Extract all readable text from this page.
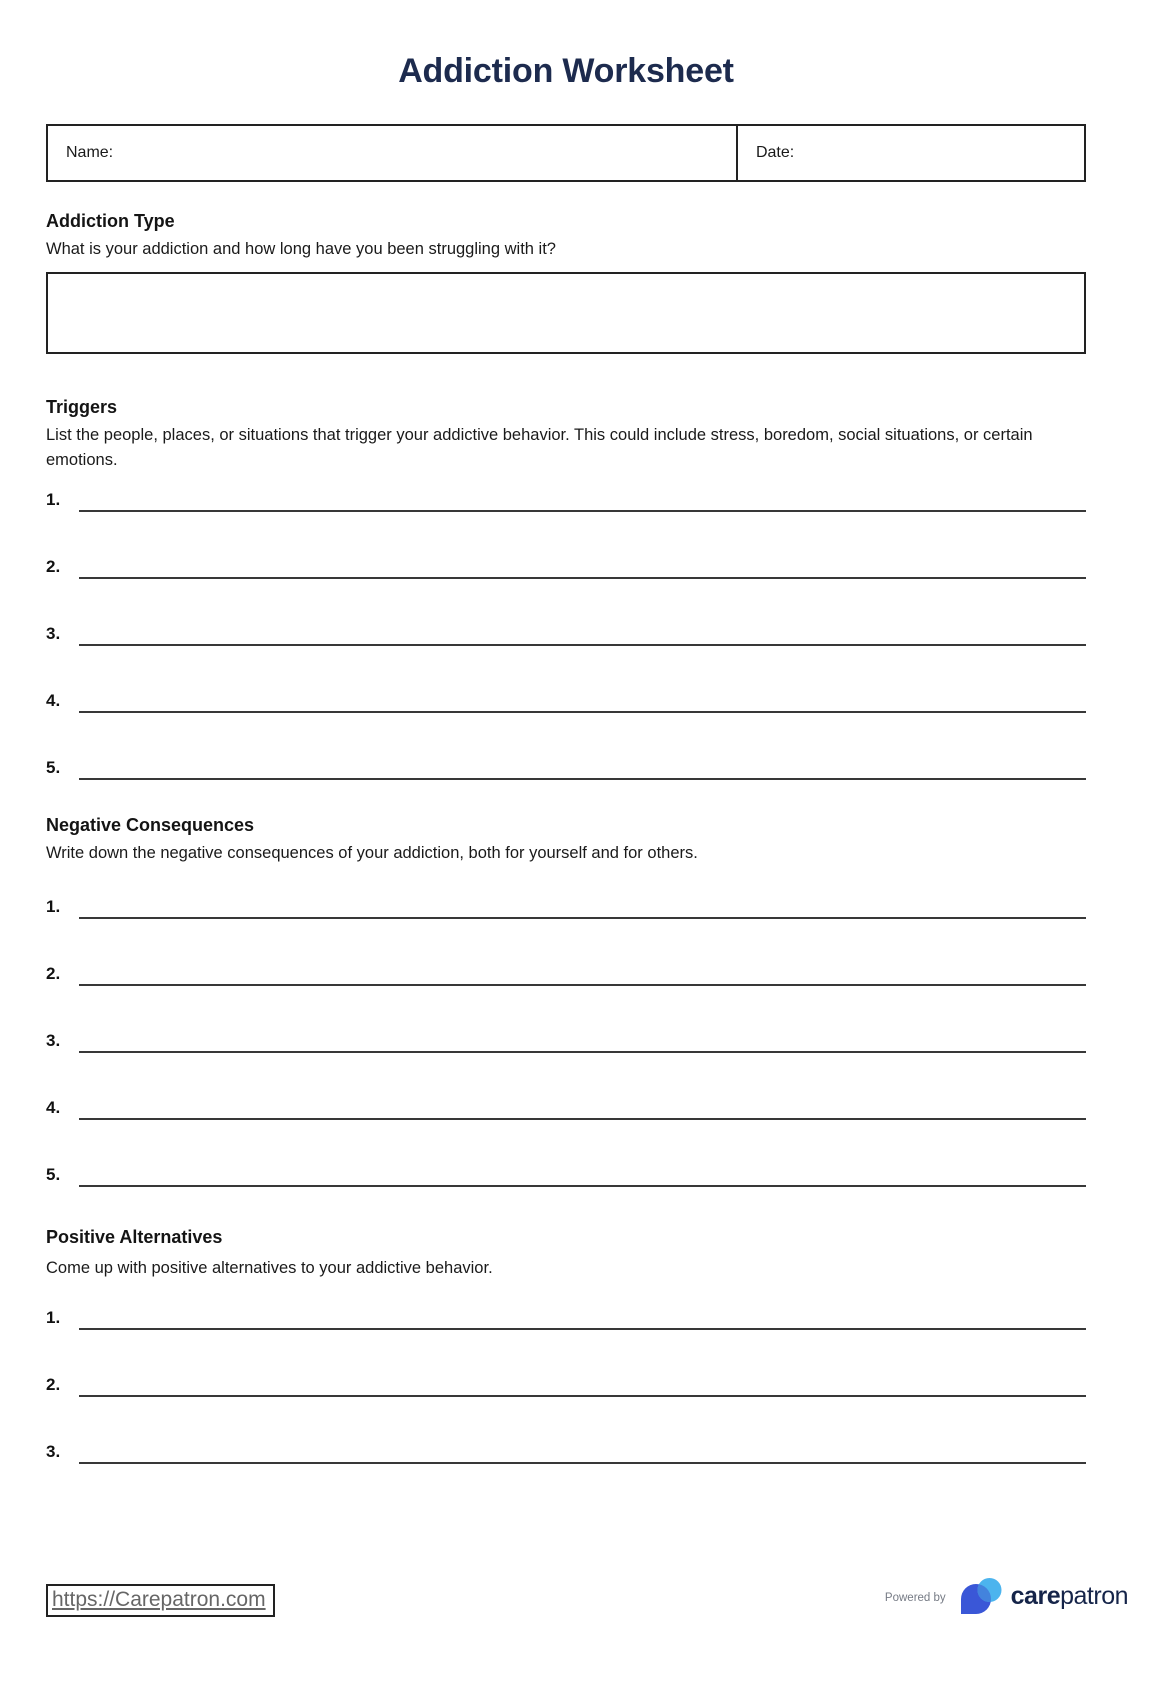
Addiction Worksheet
Name:	Date:
Addiction Type

What is your addiction and how long have you been struggling with it?

Triggers

List the people, places, or situations that trigger your addictive behavior. This could include stress, boredom, social situations, or certain emotions.

1.
2.
3.
4.
5.
Negative Consequences

Write down the negative consequences of your addiction, both for yourself and for others.

1.
2.
3.
4.
5.
Positive Alternatives

Come up with positive alternatives to your addictive behavior.

1.
2.
3.
https://Carepatron.com	Powered by	carepatron
